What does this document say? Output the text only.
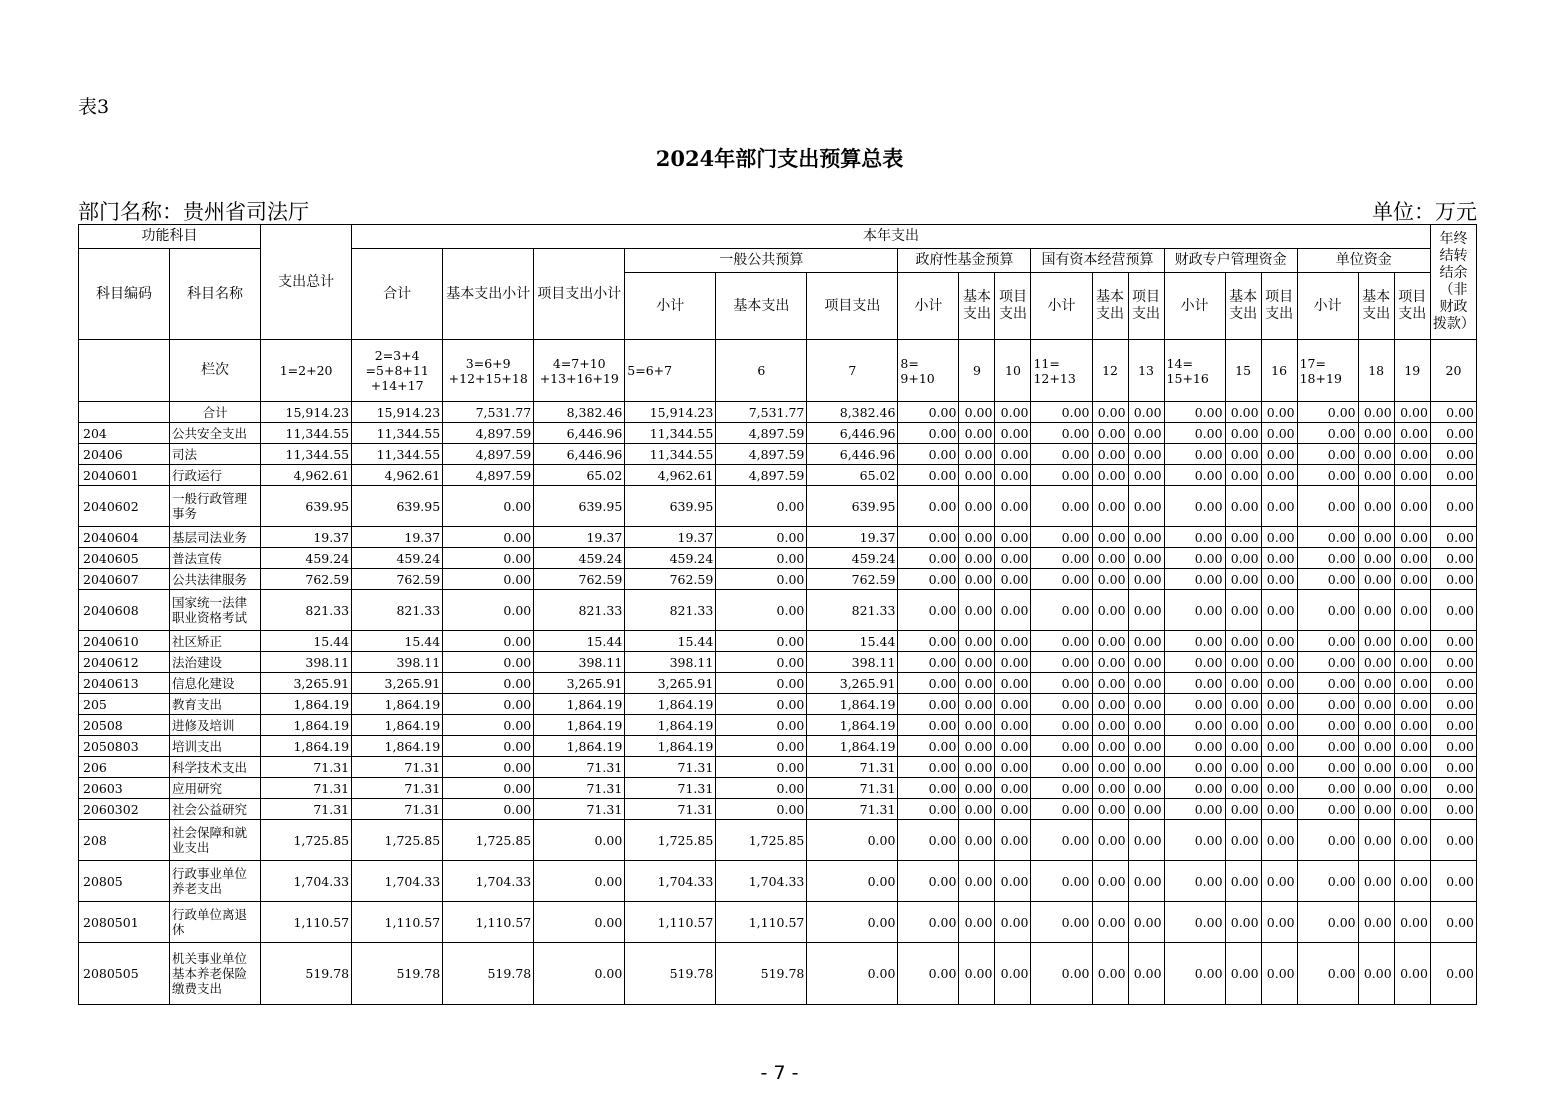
表3
2024年部门支出预算总表
部门名称：贵州省司法厅	单位：万元
功能科目		支出总计	本年支出																		年终结转结余（非财政拨款）
科目编码	科目名称		合计	基本支出小计	项目支出小计	一般公共预算			政府性基金预算			国有资本经营预算			财政专户管理资金			单位资金			
						小计	基本支出	项目支出	小计	基本支出	项目支出	小计	基本支出	项目支出	小计	基本支出	项目支出	小计	基本支出	项目支出	
	栏次	1=2+20	2=3+4 =5+8+11 +14+17	3=6+9 +12+15+18	4=7+10 +13+16+19	5=6+7	6	7	8= 9+10	9	10	11= 12+13	12	13	14= 15+16	15	16	17= 18+19	18	19	20
	合计	15,914.23	15,914.23	7,531.77	8,382.46	15,914.23	7,531.77	8,382.46	0.00	0.00	0.00	0.00	0.00	0.00	0.00	0.00	0.00	0.00	0.00	0.00	0.00
204	公共安全支出	11,344.55	11,344.55	4,897.59	6,446.96	11,344.55	4,897.59	6,446.96	0.00	0.00	0.00	0.00	0.00	0.00	0.00	0.00	0.00	0.00	0.00	0.00	0.00
20406	司法	11,344.55	11,344.55	4,897.59	6,446.96	11,344.55	4,897.59	6,446.96	0.00	0.00	0.00	0.00	0.00	0.00	0.00	0.00	0.00	0.00	0.00	0.00	0.00
2040601	行政运行	4,962.61	4,962.61	4,897.59	65.02	4,962.61	4,897.59	65.02	0.00	0.00	0.00	0.00	0.00	0.00	0.00	0.00	0.00	0.00	0.00	0.00	0.00
2040602	一般行政管理事务	639.95	639.95	0.00	639.95	639.95	0.00	639.95	0.00	0.00	0.00	0.00	0.00	0.00	0.00	0.00	0.00	0.00	0.00	0.00	0.00
2040604	基层司法业务	19.37	19.37	0.00	19.37	19.37	0.00	19.37	0.00	0.00	0.00	0.00	0.00	0.00	0.00	0.00	0.00	0.00	0.00	0.00	0.00
2040605	普法宣传	459.24	459.24	0.00	459.24	459.24	0.00	459.24	0.00	0.00	0.00	0.00	0.00	0.00	0.00	0.00	0.00	0.00	0.00	0.00	0.00
2040607	公共法律服务	762.59	762.59	0.00	762.59	762.59	0.00	762.59	0.00	0.00	0.00	0.00	0.00	0.00	0.00	0.00	0.00	0.00	0.00	0.00	0.00
2040608	国家统一法律职业资格考试	821.33	821.33	0.00	821.33	821.33	0.00	821.33	0.00	0.00	0.00	0.00	0.00	0.00	0.00	0.00	0.00	0.00	0.00	0.00	0.00
2040610	社区矫正	15.44	15.44	0.00	15.44	15.44	0.00	15.44	0.00	0.00	0.00	0.00	0.00	0.00	0.00	0.00	0.00	0.00	0.00	0.00	0.00
2040612	法治建设	398.11	398.11	0.00	398.11	398.11	0.00	398.11	0.00	0.00	0.00	0.00	0.00	0.00	0.00	0.00	0.00	0.00	0.00	0.00	0.00
2040613	信息化建设	3,265.91	3,265.91	0.00	3,265.91	3,265.91	0.00	3,265.91	0.00	0.00	0.00	0.00	0.00	0.00	0.00	0.00	0.00	0.00	0.00	0.00	0.00
205	教育支出	1,864.19	1,864.19	0.00	1,864.19	1,864.19	0.00	1,864.19	0.00	0.00	0.00	0.00	0.00	0.00	0.00	0.00	0.00	0.00	0.00	0.00	0.00
20508	进修及培训	1,864.19	1,864.19	0.00	1,864.19	1,864.19	0.00	1,864.19	0.00	0.00	0.00	0.00	0.00	0.00	0.00	0.00	0.00	0.00	0.00	0.00	0.00
2050803	培训支出	1,864.19	1,864.19	0.00	1,864.19	1,864.19	0.00	1,864.19	0.00	0.00	0.00	0.00	0.00	0.00	0.00	0.00	0.00	0.00	0.00	0.00	0.00
206	科学技术支出	71.31	71.31	0.00	71.31	71.31	0.00	71.31	0.00	0.00	0.00	0.00	0.00	0.00	0.00	0.00	0.00	0.00	0.00	0.00	0.00
20603	应用研究	71.31	71.31	0.00	71.31	71.31	0.00	71.31	0.00	0.00	0.00	0.00	0.00	0.00	0.00	0.00	0.00	0.00	0.00	0.00	0.00
2060302	社会公益研究	71.31	71.31	0.00	71.31	71.31	0.00	71.31	0.00	0.00	0.00	0.00	0.00	0.00	0.00	0.00	0.00	0.00	0.00	0.00	0.00
208	社会保障和就业支出	1,725.85	1,725.85	1,725.85	0.00	1,725.85	1,725.85	0.00	0.00	0.00	0.00	0.00	0.00	0.00	0.00	0.00	0.00	0.00	0.00	0.00	0.00
20805	行政事业单位养老支出	1,704.33	1,704.33	1,704.33	0.00	1,704.33	1,704.33	0.00	0.00	0.00	0.00	0.00	0.00	0.00	0.00	0.00	0.00	0.00	0.00	0.00	0.00
2080501	行政单位离退休	1,110.57	1,110.57	1,110.57	0.00	1,110.57	1,110.57	0.00	0.00	0.00	0.00	0.00	0.00	0.00	0.00	0.00	0.00	0.00	0.00	0.00	0.00
2080505	机关事业单位基本养老保险缴费支出	519.78	519.78	519.78	0.00	519.78	519.78	0.00	0.00	0.00	0.00	0.00	0.00	0.00	0.00	0.00	0.00	0.00	0.00	0.00	0.00
- 7 -
